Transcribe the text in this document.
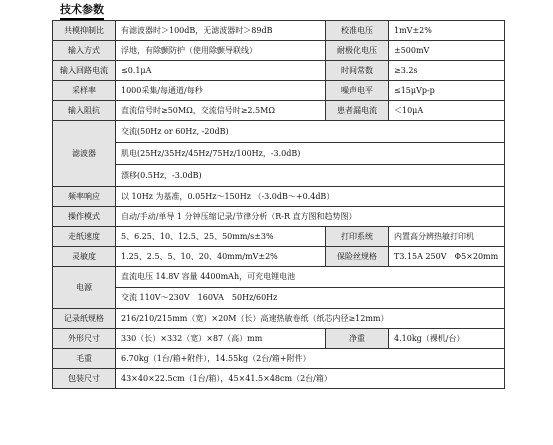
技术参数
共模抑制比	有滤波器时＞100dB，无滤波器时＞89dB	校准电压	1mV±2%
输入方式	浮地，有除颤防护（使用除颤导联线）	耐极化电压	±500mV
输入回路电流	≤0.1μA	时间常数	≥3.2s
采样率	1000采集/每通道/每秒	噪声电平	≤15μVp-p
输入阻抗	直流信号时≥50MΩ，交流信号时≥2.5MΩ	患者漏电流	＜10μA
滤波器	交流(50Hz or 60Hz, -20dB)		
	肌电(25Hz/35Hz/45Hz/75Hz/100Hz，-3.0dB)		
	漂移(0.5Hz，-3.0dB)		
频率响应	以 10Hz 为基准，0.05Hz～150Hz （-3.0dB～+0.4dB）		
操作模式	自动/手动/单导 1 分钟压缩记录/节律分析（R-R 直方图和趋势图）		
走纸速度	5、6.25、10、12.5、25、50mm/s±3%	打印系统	内置高分辨热敏打印机
灵敏度	1.25、2.5、5、10、20、40mm/mV±2%	保险丝规格	T3.15A 250V　Φ5×20mm
电源	直流电压 14.8V 容量 4400mAh，可充电锂电池		
	交流 110V～230V　160VA　50Hz/60Hz		
记录纸规格	216/210/215mm（宽）×20M（长）高速热敏卷纸（纸芯内径≥12mm）		
外形尺寸	330（长）×332（宽）×87（高）mm	净重	4.10kg（裸机/台）
毛重	6.70kg（1台/箱+附件），14.55kg（2台/箱+附件）		
包装尺寸	43×40×22.5cm（1台/箱），45×41.5×48cm（2台/箱）		
